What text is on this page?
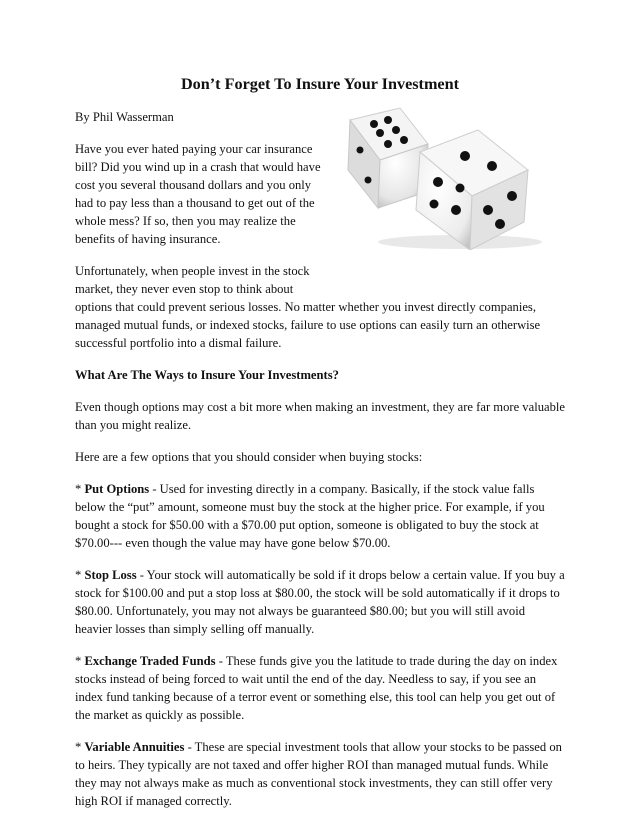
Don’t Forget To Insure Your Investment

By Phil Wasserman

Have you ever hated paying your car insurance bill? Did you wind up in a crash that would have cost you several thousand dollars and you only had to pay less than a thousand to get out of the whole mess? If so, then you may realize the benefits of having insurance.

Unfortunately, when people invest in the stock market, they never even stop to think about
options that could prevent serious losses. No matter whether you invest directly companies, managed mutual funds, or indexed stocks, failure to use options can easily turn an otherwise successful portfolio into a dismal failure.

What Are The Ways to Insure Your Investments?

Even though options may cost a bit more when making an investment, they are far more valuable than you might realize.

Here are a few options that you should consider when buying stocks:

* Put Options - Used for investing directly in a company. Basically, if the stock value falls below the “put” amount, someone must buy the stock at the higher price. For example, if you bought a stock for $50.00 with a $70.00 put option, someone is obligated to buy the stock at $70.00--- even though the value may have gone below $70.00.

* Stop Loss - Your stock will automatically be sold if it drops below a certain value. If you buy a stock for $100.00 and put a stop loss at $80.00, the stock will be sold automatically if it drops to $80.00. Unfortunately, you may not always be guaranteed $80.00; but you will still avoid heavier losses than simply selling off manually.

* Exchange Traded Funds - These funds give you the latitude to trade during the day on index stocks instead of being forced to wait until the end of the day. Needless to say, if you see an index fund tanking because of a terror event or something else, this tool can help you get out of the market as quickly as possible.

* Variable Annuities - These are special investment tools that allow your stocks to be passed on to heirs. They typically are not taxed and offer higher ROI than managed mutual funds. While they may not always make as much as conventional stock investments, they can still offer very high ROI if managed correctly.
